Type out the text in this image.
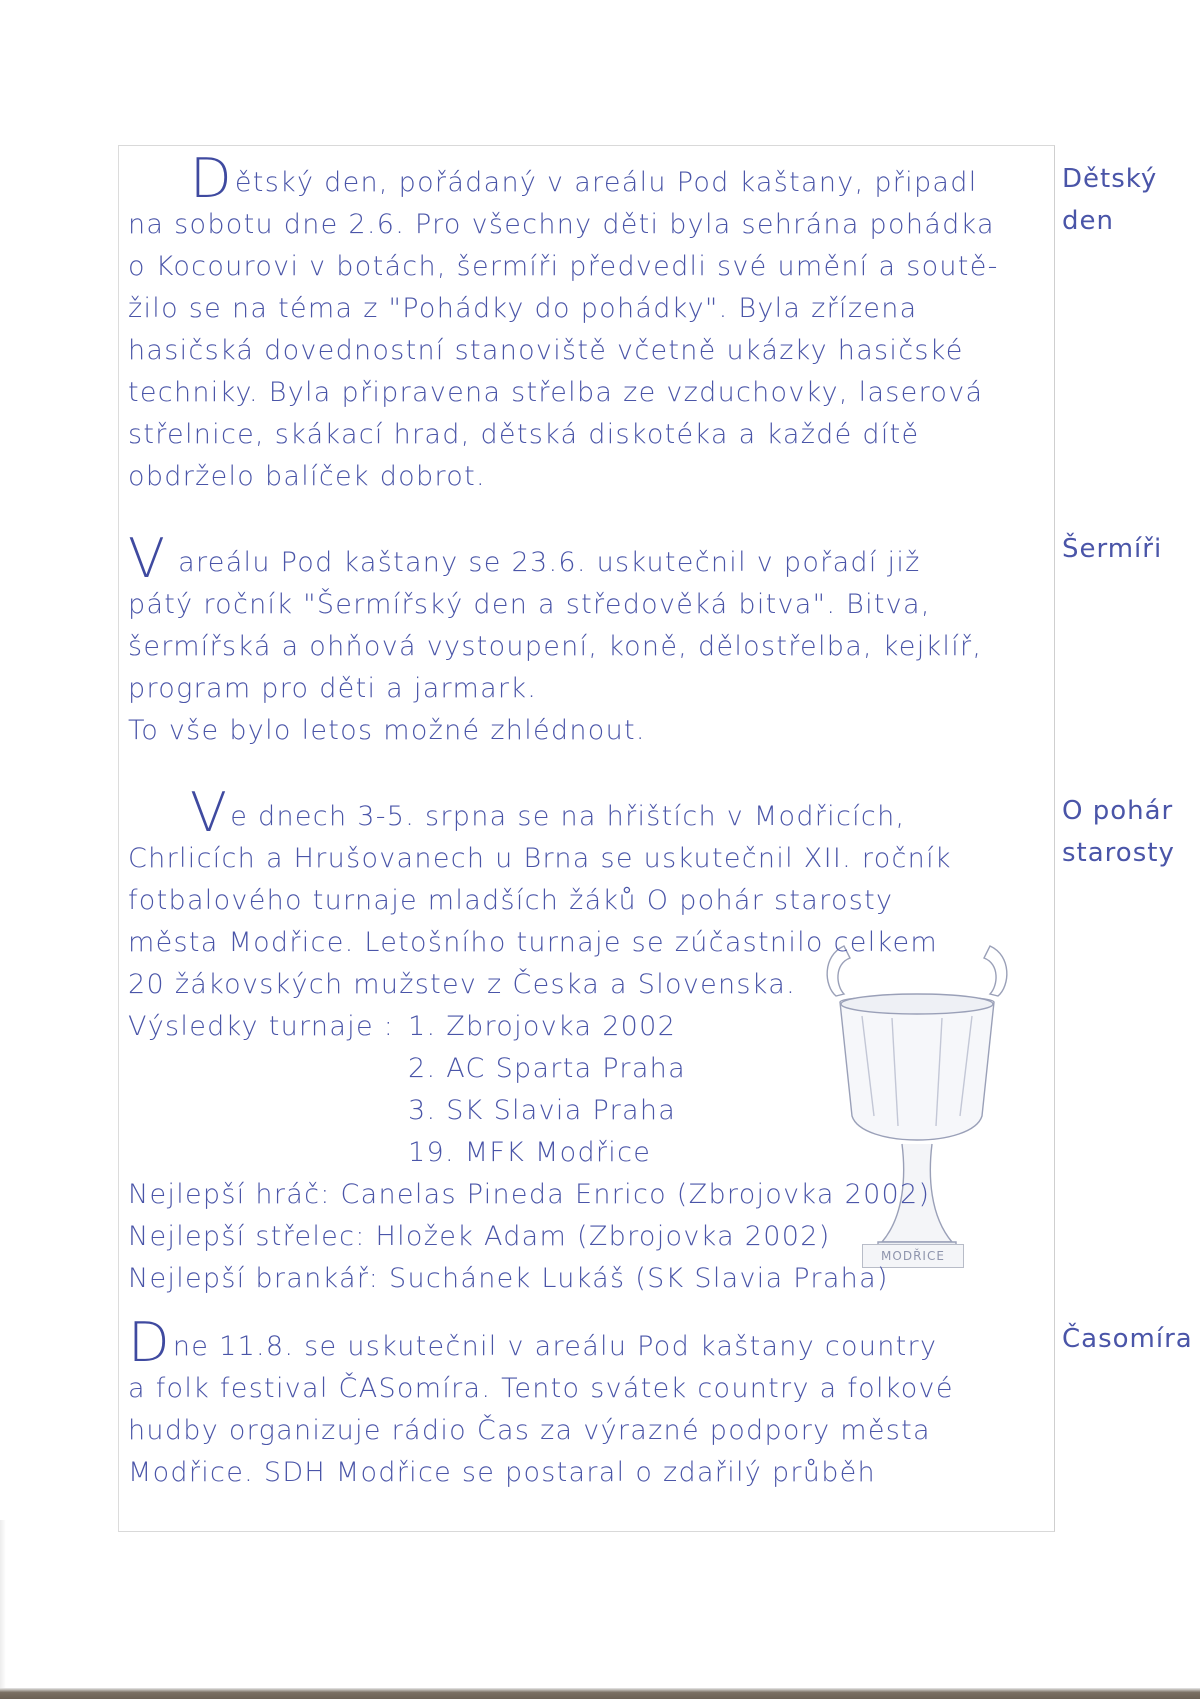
Dětský
den

Dětský den, pořádaný v areálu Pod kaštany, připadl

na sobotu dne 2.6. Pro všechny děti byla sehrána pohádka

o Kocourovi v botách, šermíři předvedli své umění a soutě-

žilo se na téma z "Pohádky do pohádky". Byla zřízena

hasičská dovednostní stanoviště včetně ukázky hasičské

techniky. Byla připravena střelba ze vzduchovky, laserová

střelnice, skákací hrad, dětská diskotéka a každé dítě

obdrželo balíček dobrot.

Šermíři

V areálu Pod kaštany se 23.6. uskutečnil v pořadí již

pátý ročník "Šermířský den a středověká bitva". Bitva,

šermířská a ohňová vystoupení, koně, dělostřelba, kejklíř,

program pro děti a jarmark.

To vše bylo letos možné zhlédnout.

O pohár
starosty
MODŘICE

Ve dnech 3-5. srpna se na hřištích v Modřicích,

Chrlicích a Hrušovanech u Brna se uskutečnil XII. ročník

fotbalového turnaje mladších žáků O pohár starosty

města Modřice. Letošního turnaje se zúčastnilo celkem

20 žákovských mužstev z Česka a Slovenska.

Výsledky turnaje : 1. Zbrojovka 2002

2. AC Sparta Praha

3. SK Slavia Praha

19. MFK Modřice

Nejlepší hráč: Canelas Pineda Enrico (Zbrojovka 2002)

Nejlepší střelec: Hložek Adam (Zbrojovka 2002)

Nejlepší brankář: Suchánek Lukáš (SK Slavia Praha)

Časomíra

Dne 11.8. se uskutečnil v areálu Pod kaštany country

a folk festival ČASomíra. Tento svátek country a folkové

hudby organizuje rádio Čas za výrazné podpory města

Modřice. SDH Modřice se postaral o zdařilý průběh
